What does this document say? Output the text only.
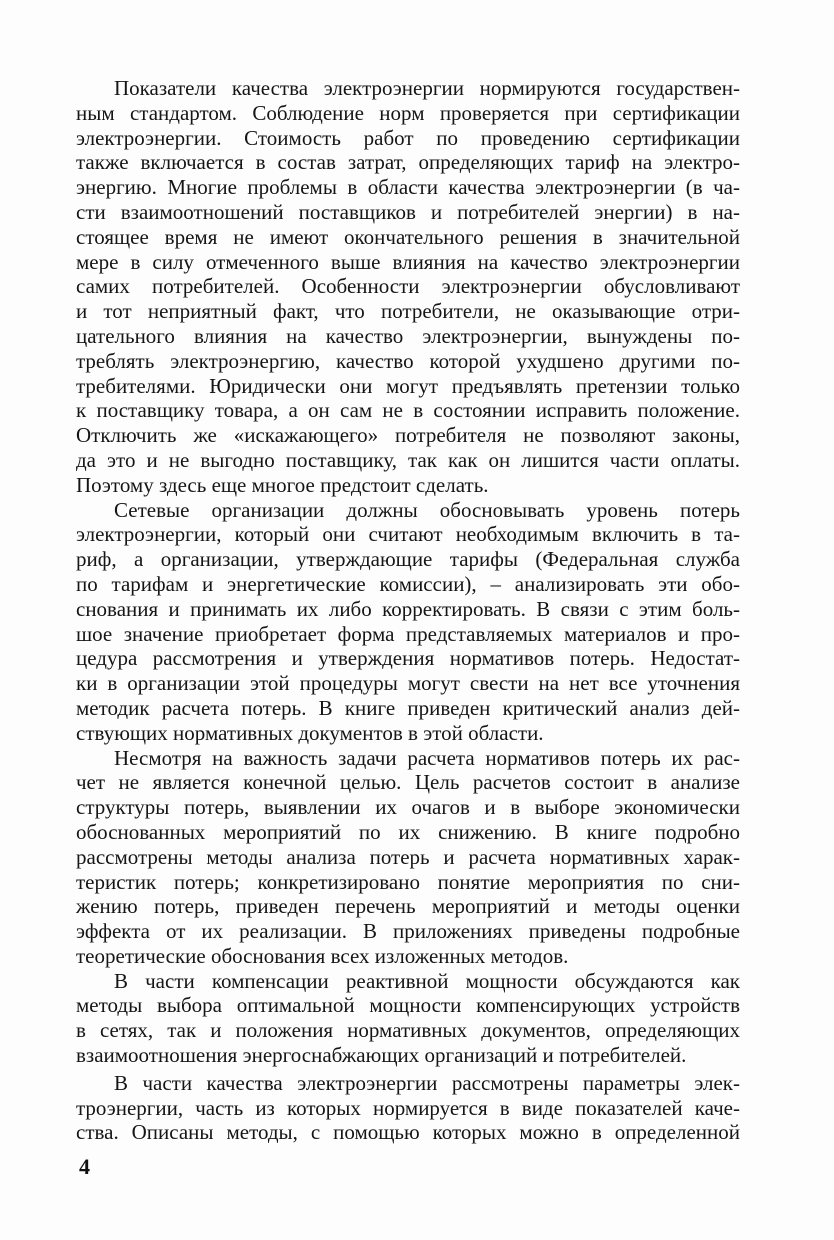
Показатели качества электроэнергии нормируются государствен-
ным стандартом. Соблюдение норм проверяется при сертификации
электроэнергии. Стоимость работ по проведению сертификации
также включается в состав затрат, определяющих тариф на электро-
энергию. Многие проблемы в области качества электроэнергии (в ча-
сти взаимоотношений поставщиков и потребителей энергии) в на-
стоящее время не имеют окончательного решения в значительной
мере в силу отмеченного выше влияния на качество электроэнергии
самих потребителей. Особенности электроэнергии обусловливают
и тот неприятный факт, что потребители, не оказывающие отри-
цательного влияния на качество электроэнергии, вынуждены по-
треблять электроэнергию, качество которой ухудшено другими по-
требителями. Юридически они могут предъявлять претензии только
к поставщику товара, а он сам не в состоянии исправить положение.
Отключить же «искажающего» потребителя не позволяют законы,
да это и не выгодно поставщику, так как он лишится части оплаты.
Поэтому здесь еще многое предстоит сделать.
Сетевые организации должны обосновывать уровень потерь
электроэнергии, который они считают необходимым включить в та-
риф, а организации, утверждающие тарифы (Федеральная служба
по тарифам и энергетические комиссии), – анализировать эти обо-
снования и принимать их либо корректировать. В связи с этим боль-
шое значение приобретает форма представляемых материалов и про-
цедура рассмотрения и утверждения нормативов потерь. Недостат-
ки в организации этой процедуры могут свести на нет все уточнения
методик расчета потерь. В книге приведен критический анализ дей-
ствующих нормативных документов в этой области.
Несмотря на важность задачи расчета нормативов потерь их рас-
чет не является конечной целью. Цель расчетов состоит в анализе
структуры потерь, выявлении их очагов и в выборе экономически
обоснованных мероприятий по их снижению. В книге подробно
рассмотрены методы анализа потерь и расчета нормативных харак-
теристик потерь; конкретизировано понятие мероприятия по сни-
жению потерь, приведен перечень мероприятий и методы оценки
эффекта от их реализации. В приложениях приведены подробные
теоретические обоснования всех изложенных методов.
В части компенсации реактивной мощности обсуждаются как
методы выбора оптимальной мощности компенсирующих устройств
в сетях, так и положения нормативных документов, определяющих
взаимоотношения энергоснабжающих организаций и потребителей.
В части качества электроэнергии рассмотрены параметры элек-
троэнергии, часть из которых нормируется в виде показателей каче-
ства. Описаны методы, с помощью которых можно в определенной
4
